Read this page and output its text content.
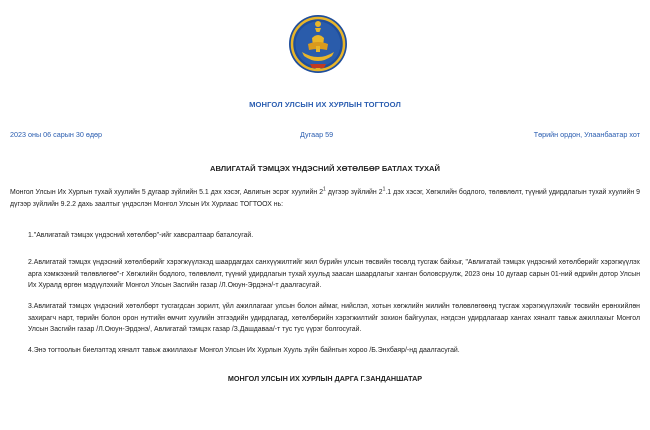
МОНГОЛ УЛСЫН ИХ ХУРЛЫН ТОГТООЛ
2023 оны 06 сарын 30 өдөр	Дугаар 59	Төрийн ордон, Улаанбаатар хот
АВЛИГАТАЙ ТЭМЦЭХ ҮНДЭСНИЙ ХӨТӨЛБӨР БАТЛАХ ТУХАЙ
Монгол Улсын Их Хурлын тухай хуулийн 5 дугаар зүйлийн 5.1 дэх хэсэг, Авлигын эсрэг хуулийн $2^1$ дүгээр зүйлийн $2^1.1$ дэх хэсэг, Хөгжлийн бодлого, төлөвлөлт, түүний удирдлагын тухай хуулийн 9 дүгээр зүйлийн 9.2.2 дахь заалтыг үндэслэн Монгол Улсын Их Хурлаас ТОГТООХ нь:
1."Авлигатай тэмцэх үндэсний хөтөлбөр"-ийг хавсралтаар баталсугай.
2.Авлигатай тэмцэх үндэсний хөтөлбөрийг хэрэгжүүлэхэд шаардагдах санхүүжилтийг жил бүрийн улсын төсвийн төсөлд тусгаж байхыг, "Авлигатай тэмцэх үндэсний хөтөлбөрийг хэрэгжүүлэх арга хэмжээний төлөвлөгөө"-г Хөгжлийн бодлого, төлөвлөлт, түүний удирдлагын тухай хуульд заасан шаардлагыг ханган боловсруулж, 2023 оны 10 дугаар сарын 01-ний өдрийн дотор Улсын Их Хуралд өргөн мэдүүлэхийг Монгол Улсын Засгийн газар /Л.Оюун-Эрдэнэ/-т даалгасугай.
3.Авлигатай тэмцэх үндэсний хөтөлбөрт тусгагдсан зорилт, үйл ажиллагааг улсын болон аймаг, нийслэл, хотын хөгжлийн жилийн төлөвлөгөөнд тусгаж хэрэгжүүлэхийг төсвийн ерөнхийлөн захирагч нарт, төрийн болон орон нутгийн өмчит хуулийн этгээдийн удирдлагад, хөтөлбөрийн хэрэгжилтийг зохион байгуулах, нэгдсэн удирдлагаар хангах хяналт тавьж ажиллахыг Монгол Улсын Засгийн газар /Л.Оюун-Эрдэнэ/, Авлигатай тэмцэх газар /З.Дашдаваа/-т тус тус үүрэг болгосугай.
4.Энэ тогтоолын биелэлтэд хяналт тавьж ажиллахыг Монгол Улсын Их Хурлын Хууль зүйн байнгын хороо /Б.Энхбаяр/-нд даалгасугай.
МОНГОЛ УЛСЫН ИХ ХУРЛЫН ДАРГА Г.ЗАНДАНШАТАР
